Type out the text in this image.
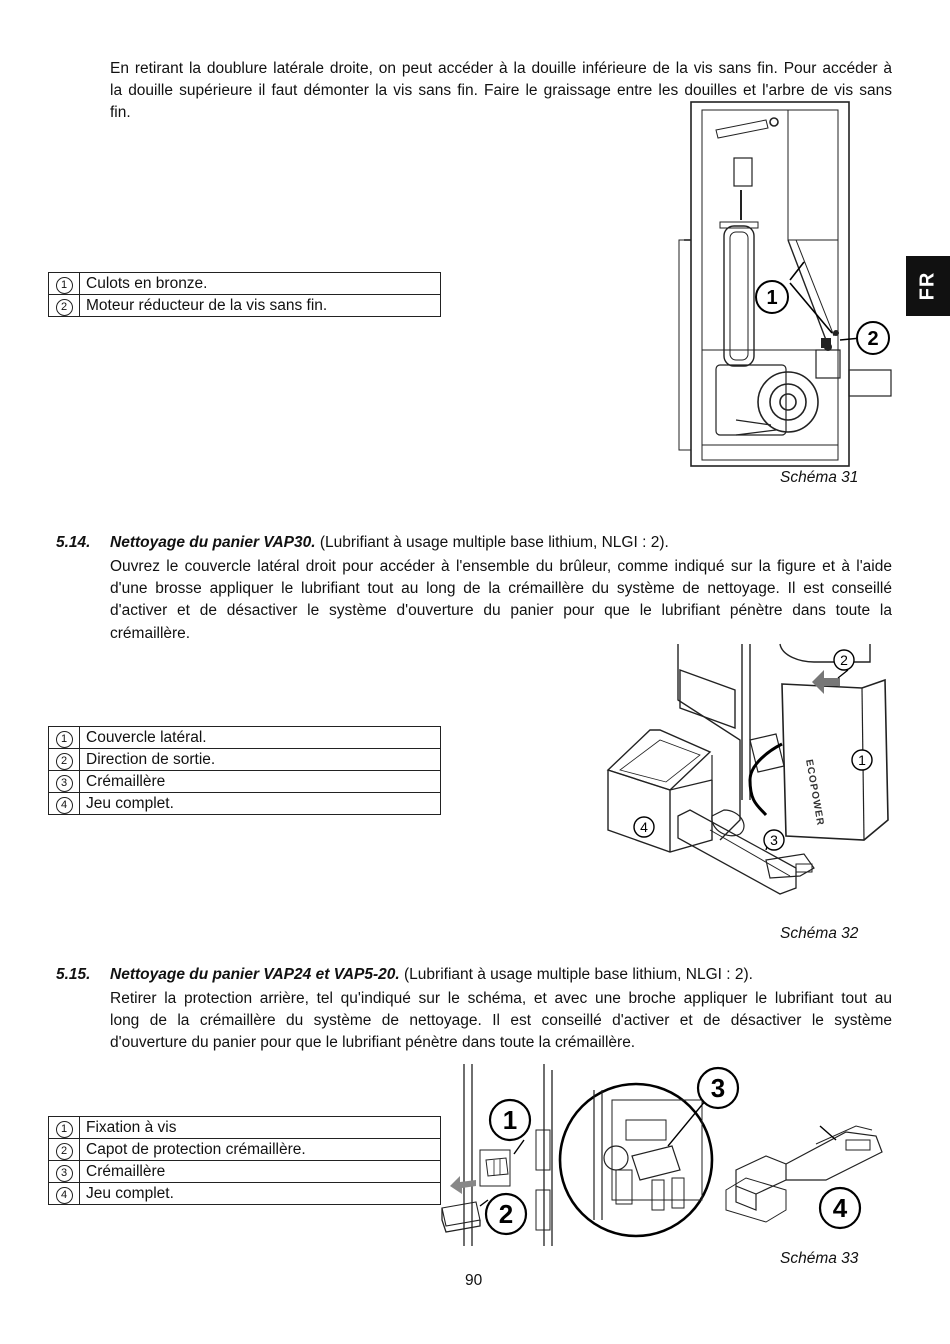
FR
En retirant la doublure latérale droite, on peut accéder à la douille inférieure de la vis sans fin. Pour accéder à
la douille supérieure il faut démonter la vis sans fin. Faire le graissage entre les douilles et l'arbre de vis sans
fin.
1	Culots en bronze.
2	Moteur réducteur de la vis sans fin.	1
2
Schéma 31
5.14. Nettoyage du panier VAP30. (Lubrifiant à usage multiple base lithium, NLGI : 2).
Ouvrez le couvercle latéral droit pour accéder à l'ensemble du brûleur, comme indiqué sur la figure et à l'aide
d'une brosse appliquer le lubrifiant tout au long de la crémaillère du système de nettoyage. Il est conseillé
d'activer et de désactiver le système d'ouverture du panier pour que le lubrifiant pénètre dans toute la
crémaillère.
1	Couvercle latéral.
2	Direction de sortie.
3	Crémaillère
4	Jeu complet.	ECOPOWER 1
2
3
4
Schéma 32
5.15. Nettoyage du panier VAP24 et VAP5-20. (Lubrifiant à usage multiple base lithium, NLGI : 2).
Retirer la protection arrière, tel qu'indiqué sur le schéma, et avec une broche appliquer le lubrifiant tout au
long de la crémaillère du système de nettoyage. Il est conseillé d'activer et de désactiver le système
d'ouverture du panier pour que le lubrifiant pénètre dans toute la crémaillère.
1	Fixation à vis
2	Capot de protection crémaillère.
3	Crémaillère
4	Jeu complet.
1
2
3
4
Schéma 33
90
